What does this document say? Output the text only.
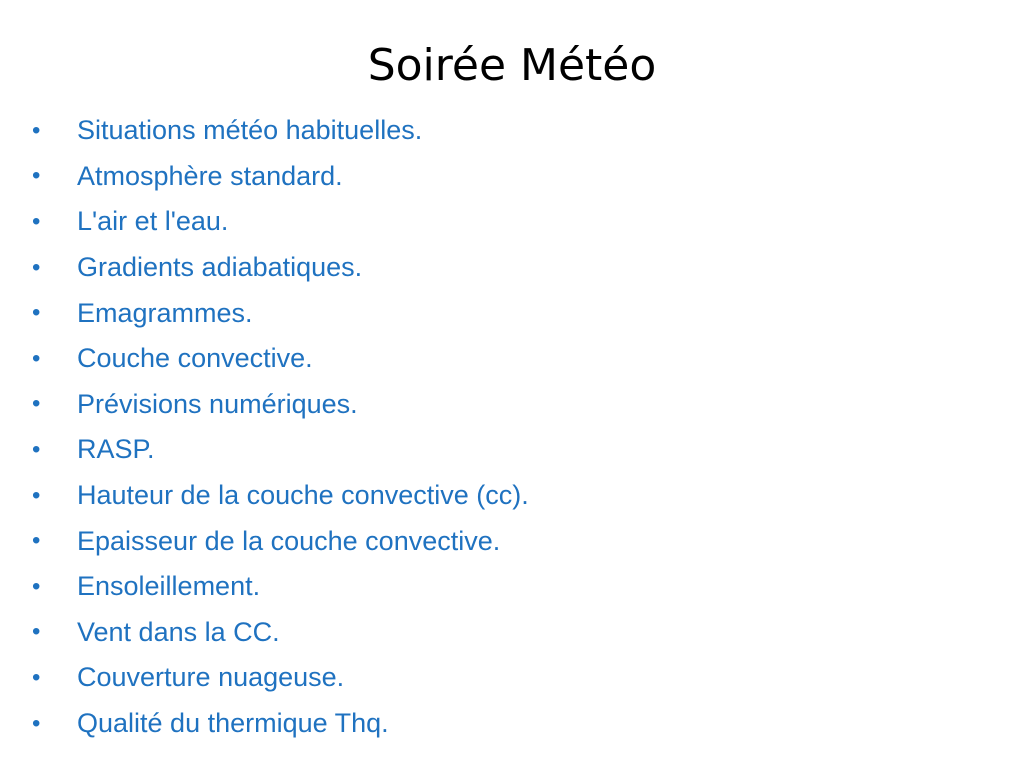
Soirée Météo
•	Situations météo habituelles.
•	Atmosphère standard.
•	L'air et l'eau.
•	Gradients adiabatiques.
•	Emagrammes.
•	Couche convective.
•	Prévisions numériques.
•	RASP.
•	Hauteur de la couche convective (cc).
•	Epaisseur de la couche convective.
•	Ensoleillement.
•	Vent dans la CC.
•	Couverture nuageuse.
•	Qualité du thermique Thq.
